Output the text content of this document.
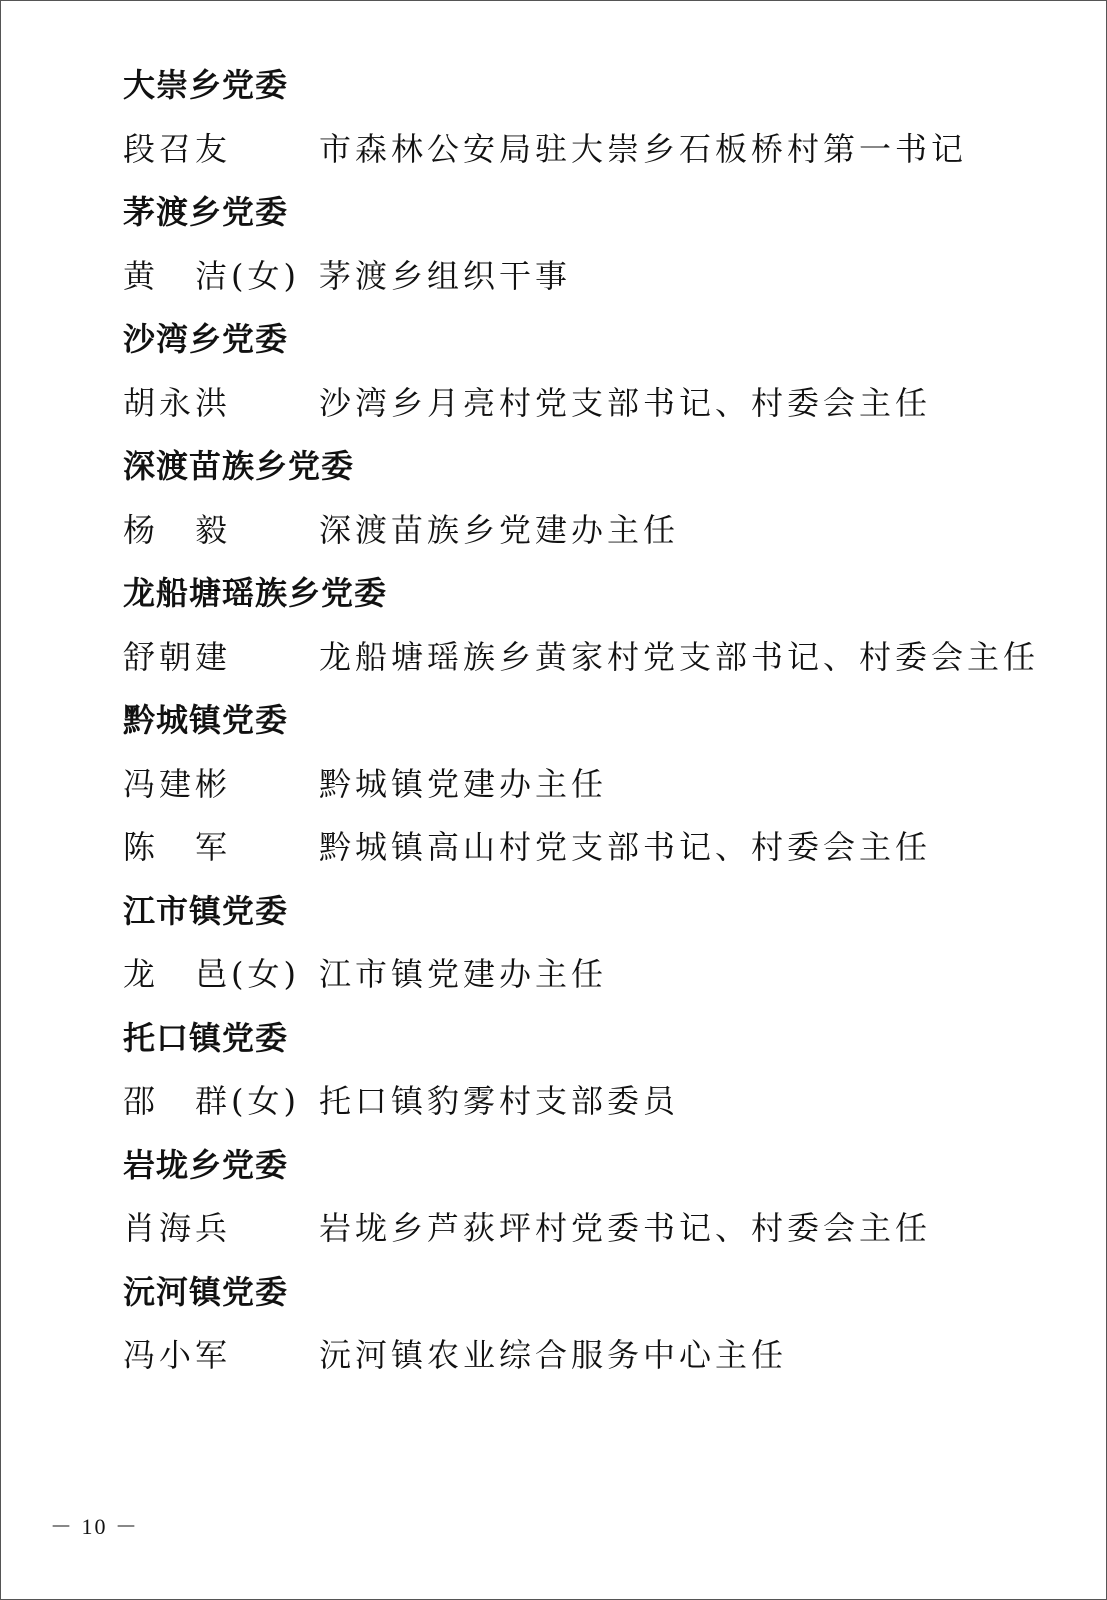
大崇乡党委
段召友	市森林公安局驻大崇乡石板桥村第一书记
茅渡乡党委
黄　洁(女) 茅渡乡组织干事
沙湾乡党委
胡永洪	沙湾乡月亮村党支部书记、村委会主任
深渡苗族乡党委
杨　毅	深渡苗族乡党建办主任
龙船塘瑶族乡党委
舒朝建	龙船塘瑶族乡黄家村党支部书记、村委会主任
黔城镇党委
冯建彬	黔城镇党建办主任
陈　军	黔城镇高山村党支部书记、村委会主任
江市镇党委
龙　邑(女) 江市镇党建办主任
托口镇党委
邵　群(女) 托口镇豹雾村支部委员
岩垅乡党委
肖海兵	岩垅乡芦荻坪村党委书记、村委会主任
沅河镇党委
冯小军	沅河镇农业综合服务中心主任
－ 10 －
